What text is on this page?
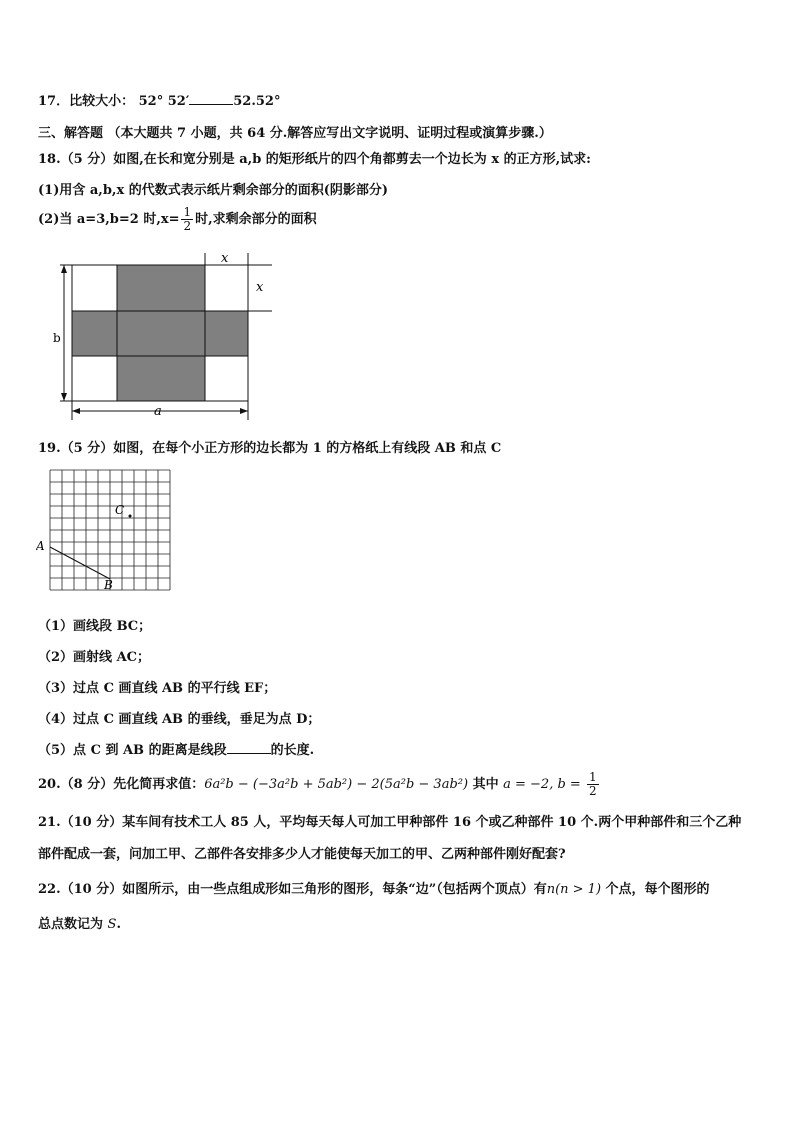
17．比较大小： 52° 52′	52.52°
三、解答题 （本大题共 7 小题，共 64 分.解答应写出文字说明、证明过程或演算步骤.）
18.（5 分）如图,在长和宽分别是 a,b 的矩形纸片的四个角都剪去一个边长为 x 的正方形,试求:
(1)用含 a,b,x 的代数式表示纸片剩余部分的面积(阴影部分)
(2)当 a=3,b=2 时$,x= \frac{1}{2}$ 时,求剩余部分的面积
x
x
b
a
19.（5 分）如图，在每个小正方形的边长都为 1 的方格纸上有线段 AB 和点 C
C
A
B
（1）画线段 BC；
（2）画射线 AC；
（3）过点 C 画直线 AB 的平行线 EF；
（4）过点 C 画直线 AB 的垂线，垂足为点 D；
（5）点 C 到 AB 的距离是线段	的长度.
20.（8 分）先化简再求值：6a²b − (−3a²b + 5ab²) − 2(5a²b − 3ab²) 其中 a = −2, $b = \frac{1}{2}$
21.（10 分）某车间有技术工人 85 人，平均每天每人可加工甲种部件 16 个或乙种部件 10 个.两个甲种部件和三个乙种
部件配成一套，问加工甲、乙部件各安排多少人才能使每天加工的甲、乙两种部件刚好配套?
22.（10 分）如图所示，由一些点组成形如三角形的图形，每条“边”（包括两个顶点）有n(n > 1) 个点，每个图形的
总点数记为 S.
